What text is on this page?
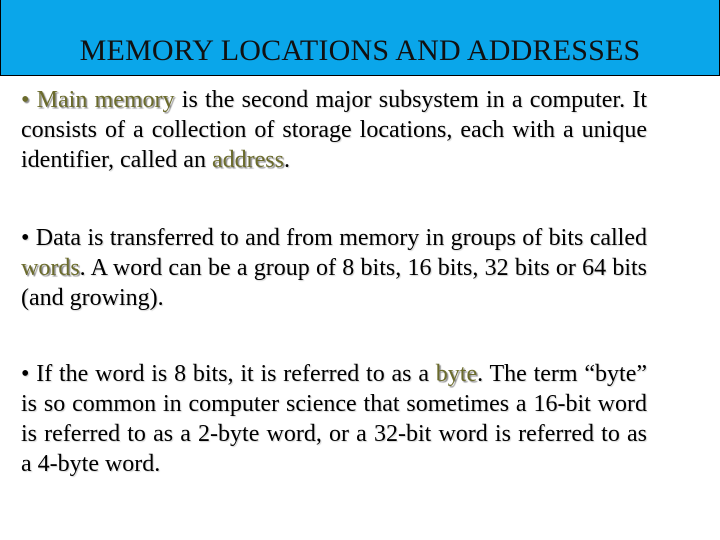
MEMORY LOCATIONS AND ADDRESSES

• Main memory is the second major subsystem in a computer. It consists of a collection of storage locations, each with a unique identifier, called an address.

• Data is transferred to and from memory in groups of bits called words. A word can be a group of 8 bits, 16 bits, 32 bits or 64 bits (and growing).

• If the word is 8 bits, it is referred to as a byte. The term “byte” is so common in computer science that sometimes a 16-bit word is referred to as a 2-byte word, or a 32-bit word is referred to as a 4-byte word.
